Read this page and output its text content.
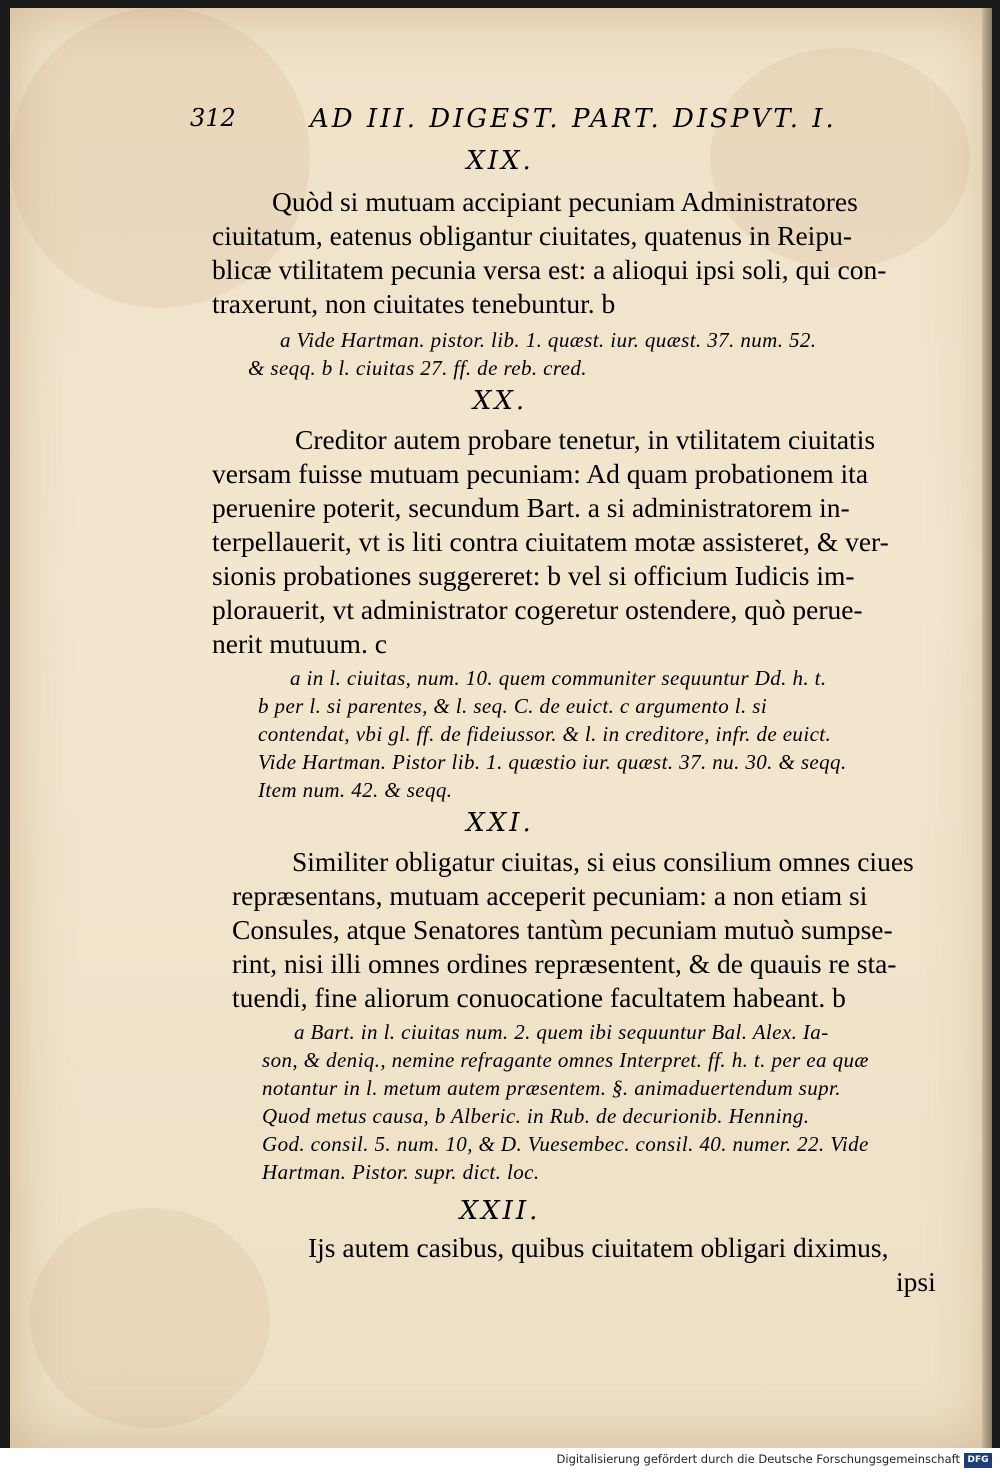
312	AD III. DIGEST. PART. DISPVT. I.
XIX.
Quòd si mutuam accipiant pecuniam Administratores
ciuitatum, eatenus obligantur ciuitates, quatenus in Reipu-
blicæ vtilitatem pecunia versa est: a alioqui ipsi soli, qui con-
traxerunt, non ciuitates tenebuntur. b
a Vide Hartman. pistor. lib. 1. quæst. iur. quæst. 37. num. 52.
& seqq. b l. ciuitas 27. ff. de reb. cred.
XX.
Creditor autem probare tenetur, in vtilitatem ciuitatis
versam fuisse mutuam pecuniam: Ad quam probationem ita
peruenire poterit, secundum Bart. a si administratorem in-
terpellauerit, vt is liti contra ciuitatem motæ assisteret, & ver-
sionis probationes suggereret: b vel si officium Iudicis im-
plorauerit, vt administrator cogeretur ostendere, quò perue-
nerit mutuum. c
a in l. ciuitas, num. 10. quem communiter sequuntur Dd. h. t.
b per l. si parentes, & l. seq. C. de euict. c argumento l. si
contendat, vbi gl. ff. de fideiussor. & l. in creditore, infr. de euict.
Vide Hartman. Pistor lib. 1. quæstio iur. quæst. 37. nu. 30. & seqq.
Item num. 42. & seqq.
XXI.
Similiter obligatur ciuitas, si eius consilium omnes ciues
repræsentans, mutuam acceperit pecuniam: a non etiam si
Consules, atque Senatores tantùm pecuniam mutuò sumpse-
rint, nisi illi omnes ordines repræsentent, & de quauis re sta-
tuendi, fine aliorum conuocatione facultatem habeant. b
a Bart. in l. ciuitas num. 2. quem ibi sequuntur Bal. Alex. Ia-
son, & deniq., nemine refragante omnes Interpret. ff. h. t. per ea quæ
notantur in l. metum autem præsentem. §. animaduertendum supr.
Quod metus causa, b Alberic. in Rub. de decurionib. Henning.
God. consil. 5. num. 10, & D. Vuesembec. consil. 40. numer. 22. Vide
Hartman. Pistor. supr. dict. loc.
XXII.
Ijs autem casibus, quibus ciuitatem obligari diximus,
ipsi
Digitalisierung gefördert durch die Deutsche Forschungsgemeinschaft DFG
